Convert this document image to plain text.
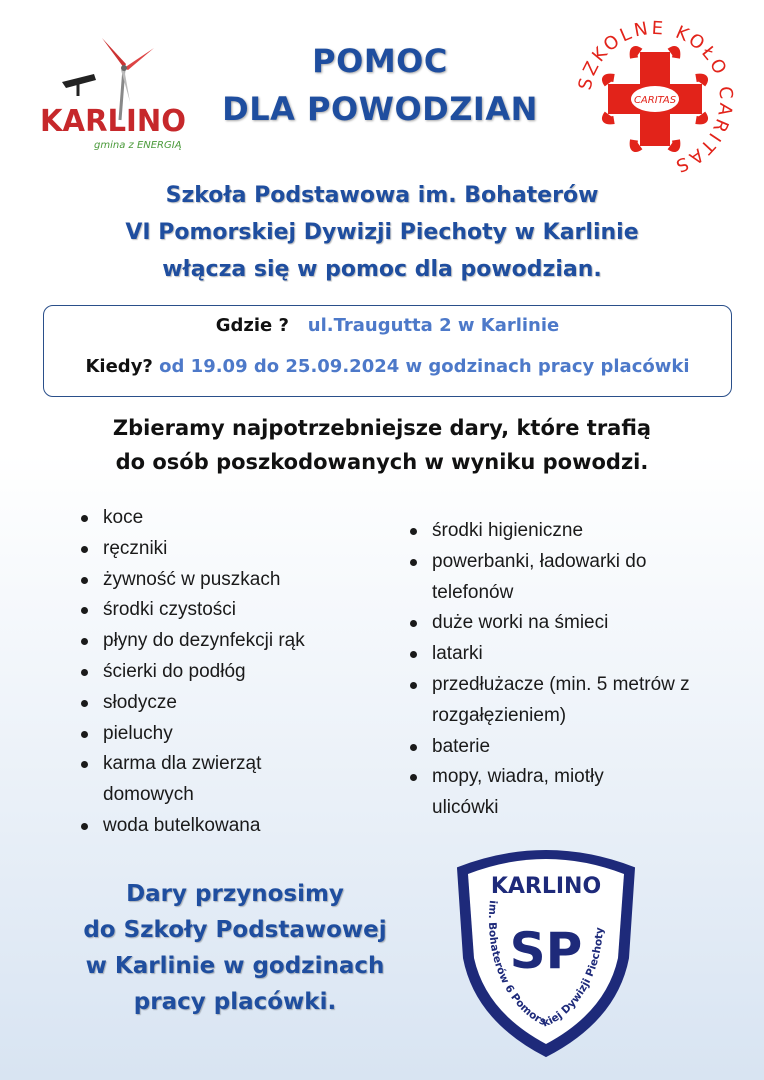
KARLINO
gmina z ENERGIĄ
POMOC
DLA POWODZIAN
SZKOLNE KOŁO CARITAS
CARITAS
Szkoła Podstawowa im. Bohaterów
VI Pomorskiej Dywizji Piechoty w Karlinie
włącza się w pomoc dla powodzian.
Gdzie ? ul.Traugutta 2 w Karlinie
Kiedy? od 19.09 do 25.09.2024 w godzinach pracy placówki
Zbieramy najpotrzebniejsze dary, które trafią
do osób poszkodowanych w wyniku powodzi.
koce
ręczniki
żywność w puszkach
środki czystości
płyny do dezynfekcji rąk
ścierki do podłóg
słodycze
pieluchy
karma dla zwierząt domowych
woda butelkowana
środki higieniczne
powerbanki, ładowarki do telefonów
duże worki na śmieci
latarki
przedłużacze (min. 5 metrów z rozgałęzieniem)
baterie
mopy, wiadra, miotły ulicówki
Dary przynosimy
do Szkoły Podstawowej
w Karlinie w godzinach
pracy placówki.
KARLINO
SP
im. Bohaterów 6 Pomorskiej Dywizji Piechoty
